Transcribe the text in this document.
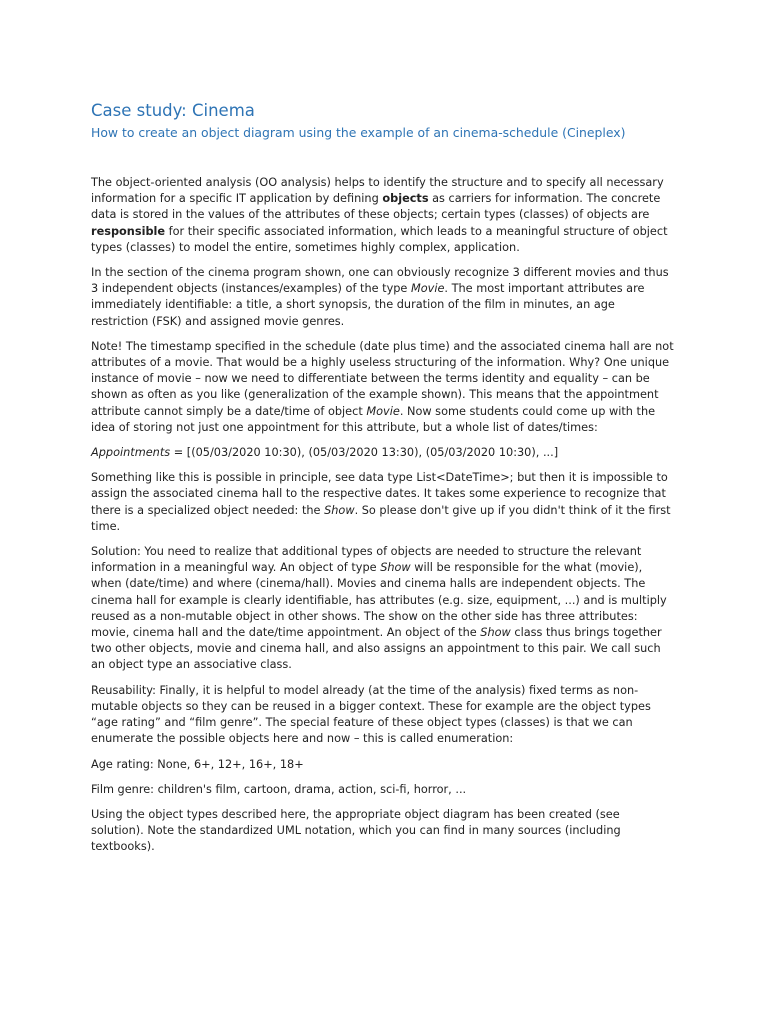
Case study: Cinema
How to create an object diagram using the example of an cinema-schedule (Cineplex)
The object-oriented analysis (OO analysis) helps to identify the structure and to specify all necessary
information for a specific IT application by defining objects as carriers for information. The concrete
data is stored in the values of the attributes of these objects; certain types (classes) of objects are
responsible for their specific associated information, which leads to a meaningful structure of object
types (classes) to model the entire, sometimes highly complex, application.
In the section of the cinema program shown, one can obviously recognize 3 different movies and thus
3 independent objects (instances/examples) of the type Movie. The most important attributes are
immediately identifiable: a title, a short synopsis, the duration of the film in minutes, an age
restriction (FSK) and assigned movie genres.
Note! The timestamp specified in the schedule (date plus time) and the associated cinema hall are not
attributes of a movie. That would be a highly useless structuring of the information. Why? One unique
instance of movie – now we need to differentiate between the terms identity and equality – can be
shown as often as you like (generalization of the example shown). This means that the appointment
attribute cannot simply be a date/time of object Movie. Now some students could come up with the
idea of storing not just one appointment for this attribute, but a whole list of dates/times:
Appointments = [(05/03/2020 10:30), (05/03/2020 13:30), (05/03/2020 10:30), ...]
Something like this is possible in principle, see data type List<DateTime>; but then it is impossible to
assign the associated cinema hall to the respective dates. It takes some experience to recognize that
there is a specialized object needed: the Show. So please don't give up if you didn't think of it the first
time.
Solution: You need to realize that additional types of objects are needed to structure the relevant
information in a meaningful way. An object of type Show will be responsible for the what (movie),
when (date/time) and where (cinema/hall). Movies and cinema halls are independent objects. The
cinema hall for example is clearly identifiable, has attributes (e.g. size, equipment, ...) and is multiply
reused as a non-mutable object in other shows. The show on the other side has three attributes:
movie, cinema hall and the date/time appointment. An object of the Show class thus brings together
two other objects, movie and cinema hall, and also assigns an appointment to this pair. We call such
an object type an associative class.
Reusability: Finally, it is helpful to model already (at the time of the analysis) fixed terms as non-
mutable objects so they can be reused in a bigger context. These for example are the object types
“age rating” and “film genre”. The special feature of these object types (classes) is that we can
enumerate the possible objects here and now – this is called enumeration:
Age rating: None, 6+, 12+, 16+, 18+
Film genre: children's film, cartoon, drama, action, sci-fi, horror, ...
Using the object types described here, the appropriate object diagram has been created (see
solution). Note the standardized UML notation, which you can find in many sources (including
textbooks).
